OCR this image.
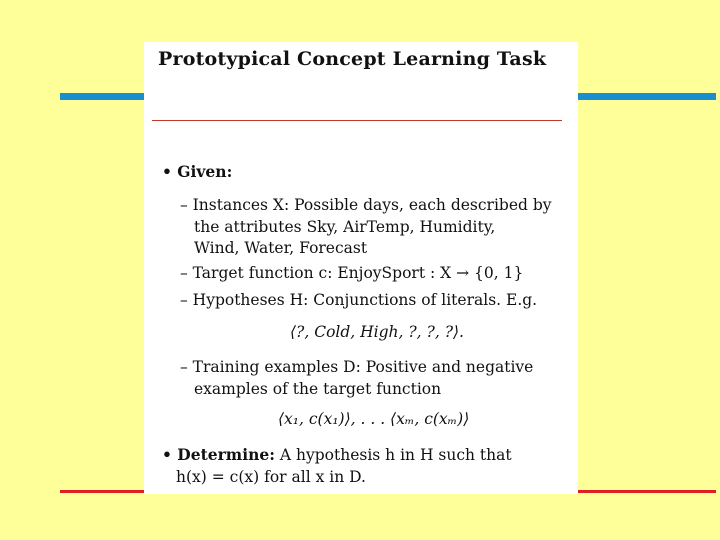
Prototypical Concept Learning Task
• Given:
– Instances X: Possible days, each described by
the attributes Sky, AirTemp, Humidity,
Wind, Water, Forecast
– Target function c: EnjoySport : X → {0, 1}
– Hypotheses H: Conjunctions of literals. E.g.
⟨?, Cold, High, ?, ?, ?⟩.
– Training examples D: Positive and negative
examples of the target function
⟨x₁, c(x₁)⟩, . . . ⟨xₘ, c(xₘ)⟩
• Determine: A hypothesis h in H such that
h(x) = c(x) for all x in D.
